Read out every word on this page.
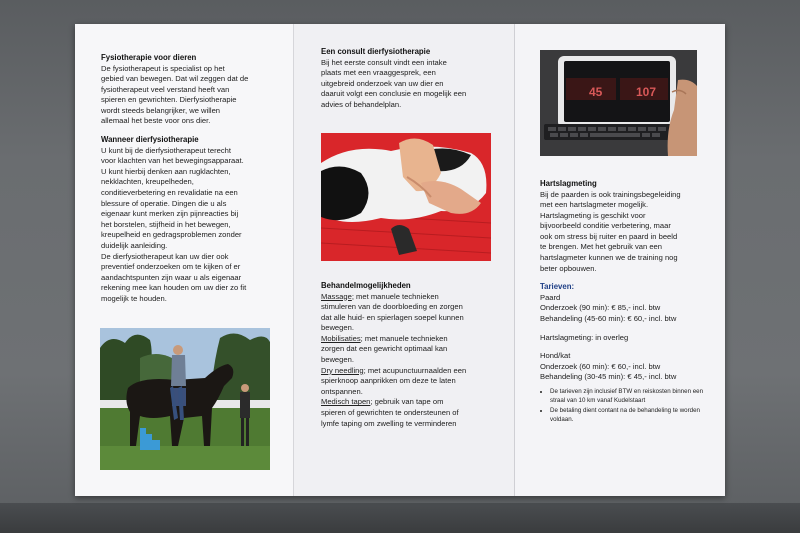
Fysiotherapie voor dieren

De fysiotherapeut is specialist op het
gebied van bewegen. Dat wil zeggen dat de
fysiotherapeut veel verstand heeft van
spieren en gewrichten. Dierfysiotherapie
wordt steeds belangrijker, we willen
allemaal het beste voor ons dier.

Wanneer dierfysiotherapie

U kunt bij de dierfysiotherapeut terecht
voor klachten van het bewegingsapparaat.
U kunt hierbij denken aan rugklachten,
nekklachten, kreupelheden,
conditieverbetering en revalidatie na een
blessure of operatie. Dingen die u als
eigenaar kunt merken zijn pijnreacties bij
het borstelen, stijfheid in het bewegen,
kreupelheid en gedragsproblemen zonder
duidelijk aanleiding.
De dierfysiotherapeut kan uw dier ook
preventief onderzoeken om te kijken of er
aandachtspunten zijn waar u als eigenaar
rekening mee kan houden om uw dier zo fit
mogelijk te houden.

Een consult dierfysiotherapie

Bij het eerste consult vindt een intake
plaats met een vraaggesprek, een
uitgebreid onderzoek van uw dier en
daaruit volgt een conclusie en mogelijk een
advies of behandelplan.

Behandelmogelijkheden

Massage; met manuele technieken
stimuleren van de doorbloeding en zorgen
dat alle huid- en spierlagen soepel kunnen
bewegen.

Mobilisaties; met manuele technieken
zorgen dat een gewricht optimaal kan
bewegen.

Dry needling; met acupunctuurnaalden een
spierknoop aanprikken om deze te laten
ontspannen.

Medisch tapen; gebruik van tape om
spieren of gewrichten te ondersteunen of
lymfe taping om zwelling te verminderen

45	107
Hartslagmeting

Bij de paarden is ook trainingsbegeleiding
met een hartslagmeter mogelijk.
Hartslagmeting is geschikt voor
bijvoorbeeld conditie verbetering, maar
ook om stress bij ruiter en paard in beeld
te brengen. Met het gebruik van een
hartslagmeter kunnen we de training nog
beter opbouwen.

Tarieven:

Paard
Onderzoek (90 min): € 85,- incl. btw
Behandeling (45-60 min): € 60,- incl. btw

Hartslagmeting: in overleg

Hond/kat
Onderzoek (60 min): € 60,- incl. btw
Behandeling (30-45 min): € 45,- incl. btw

• De tarieven zijn inclusief BTW en reiskosten binnen een straal van 10 km vanaf Kudelstaart
• De betaling dient contant na de behandeling te worden voldaan.
